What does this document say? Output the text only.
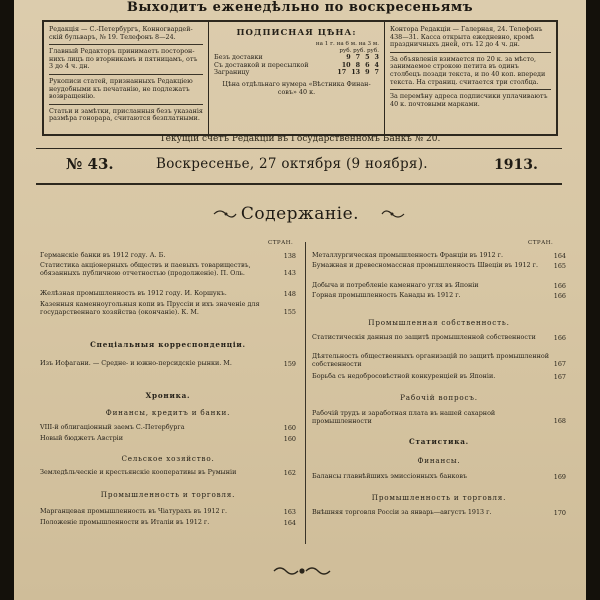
Выходитъ еженедѣльно по воскресеньямъ
Редакція — С.-Петербургъ, Конногвардейскій бульваръ, № 19. Телефонъ 8—24.
Главный Редакторъ принимаетъ постороннихъ лицъ по вторникамъ и пятницамъ, отъ 3 до 4 ч. дн.
Рукописи статей, признанныхъ Редакціею неудобными къ печатанію, не подлежатъ возвращенію.
Статьи и замѣтки, присланныя безъ указанія размѣра гонорара, считаются безплатными.
ПОДПИСНАЯ ЦѢНА:
на 1 г. на 6 м. на 3 м.
руб. руб. руб.
Безъ доставки	9 7 5 3
Съ доставкой и пересылкой	10 8 6 4
Заграницу	17 13 9 7
Цѣна отдѣльнаго нумера «Вѣстника Финансовъ» 40 к.
Контора Редакціи — Галерная, 24. Телефонъ 438—31. Касса открыта ежедневно, кромѣ праздничныхъ дней, отъ 12 до 4 ч. дн.
За объявленія взимается по 20 к. за мѣсто, занимаемое строкою петита въ одинъ столбецъ позади текста, и по 40 коп. впереди текста. На страниц. считается три столбца.
За перемѣну адреса подписчики уплачиваютъ 40 к. почтовыми марками.
Текущій счетъ Редакціи въ Государственномъ Банкѣ № 20.
№ 43.	Воскресенье, 27 октября (9 ноября).	1913.
Содержаніе.
СТРАН.	СТРАН.
Германскіе банки въ 1912 году. А. Б.	138
Статистика акціонерныхъ обществъ и паевыхъ товариществъ, обязанныхъ публичною отчетностью (продолженіе). П. Оль.	143
Желѣзная промышленность въ 1912 году. И. Коршукъ.	148
Казенныя каменноугольныя копи въ Пруссіи и ихъ значеніе для государственнаго хозяйства (окончаніе). К. М.	155
Спеціальныя корреспонденціи.
Изъ Исфагани. — Средне- и южно-персидскіе рынки. М.	159
Хроника.
Финансы, кредитъ и банки.
VIII-й облигаціонный заемъ С.-Петербурга	160
Новый бюджетъ Австріи	160
Сельское хозяйство.
Земледѣльческіе и крестьянскіе кооперативы въ Румыніи	162
Промышленность и торговля.
Марганцевая промышленность въ Чіатурахъ въ 1912 г.	163
Положеніе промышленности въ Италіи въ 1912 г.	164
Металлургическая промышленность Франціи въ 1912 г.	164
Бумажная и древесномассная промышленность Швеціи въ 1912 г.	165
Добыча и потребленіе каменнаго угля въ Японіи	166
Горная промышленность Канады въ 1912 г.	166
Промышленная собственность.
Статистическія данныя по защитѣ промышленной собственности	166
Дѣятельность общественныхъ организацій по защитѣ промышленной собственности	167
Борьба съ недобросовѣстной конкуренціей въ Японіи.	167
Рабочій вопросъ.
Рабочій трудъ и заработная плата въ нашей сахарной промышленности	168
Статистика.
Финансы.
Балансы главнѣйшихъ эмиссіонныхъ банковъ	169
Промышленность и торговля.
Внѣшняя торговля Россіи за январь—августъ 1913 г.	170
